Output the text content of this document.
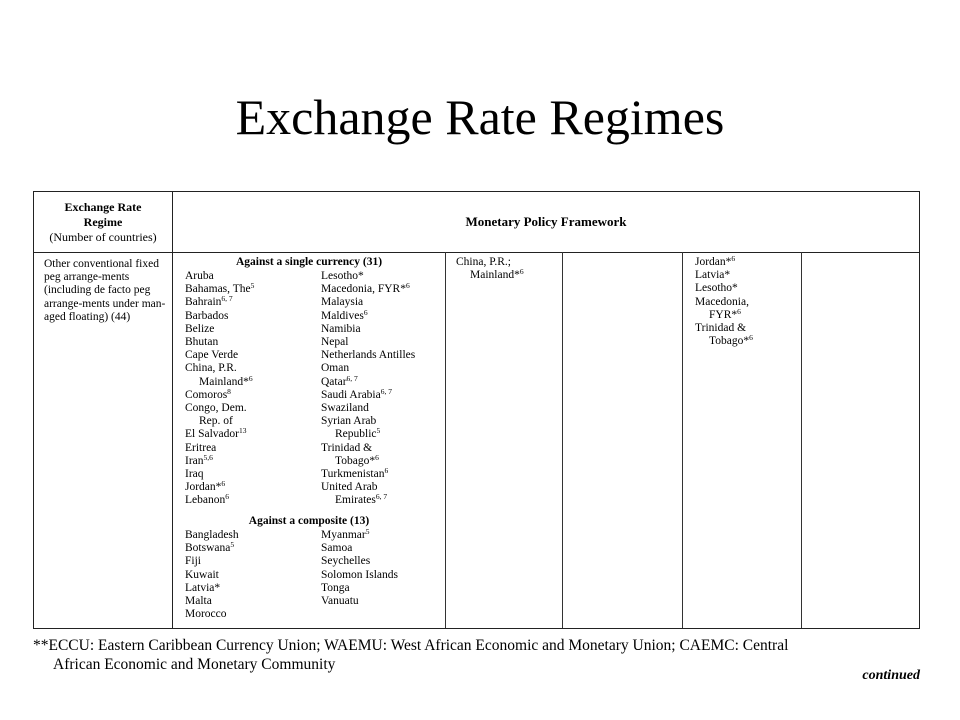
Exchange Rate Regimes
Exchange Rate
Regime
(Number of countries)
Monetary Policy Framework
Other conventional fixed peg arrange-ments (including de facto peg arrange-ments under man-aged floating) (44)
Against a single currency (31)
Aruba
Bahamas, The$^5$
Bahrain$^{6, 7}$
Barbados
Belize
Bhutan
Cape Verde
China, P.R.
Mainland*$^6$
Comoros$^8$
Congo, Dem.
Rep. of
El Salvador$^{13}$
Eritrea
Iran$^{5,6}$
Iraq
Jordan*$^6$
Lebanon$^6$
Lesotho*
Macedonia, FYR*$^6$
Malaysia
Maldives$^6$
Namibia
Nepal
Netherlands Antilles
Oman
Qatar$^{6, 7}$
Saudi Arabia$^{6, 7}$
Swaziland
Syrian Arab
Republic$^5$
Trinidad &
Tobago*$^6$
Turkmenistan$^6$
United Arab
Emirates$^{6, 7}$
Against a composite (13)
Bangladesh
Botswana$^5$
Fiji
Kuwait
Latvia*
Malta
Morocco
Myanmar$^5$
Samoa
Seychelles
Solomon Islands
Tonga
Vanuatu
China, P.R.;
Mainland*$^6$
Jordan*$^6$
Latvia*
Lesotho*
Macedonia,
FYR*$^6$
Trinidad &
Tobago*$^6$
**ECCU: Eastern Caribbean Currency Union; WAEMU: West African Economic and Monetary Union; CAEMC: Central
African Economic and Monetary Community
continued
